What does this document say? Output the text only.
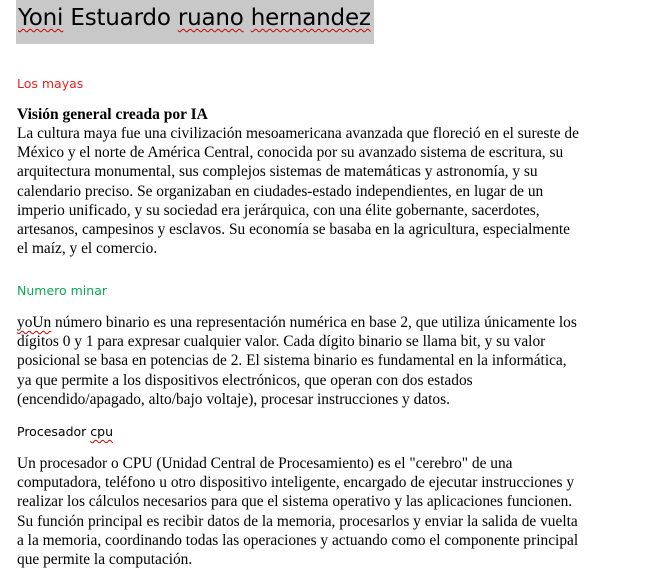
Yoni Estuardo ruano hernandez
Los mayas
Visión general creada por IA
La cultura maya fue una civilización mesoamericana avanzada que floreció en el sureste de
México y el norte de América Central, conocida por su avanzado sistema de escritura, su
arquitectura monumental, sus complejos sistemas de matemáticas y astronomía, y su
calendario preciso. Se organizaban en ciudades-estado independientes, en lugar de un
imperio unificado, y su sociedad era jerárquica, con una élite gobernante, sacerdotes,
artesanos, campesinos y esclavos. Su economía se basaba en la agricultura, especialmente
el maíz, y el comercio.
Numero minar
yoUn número binario es una representación numérica en base 2, que utiliza únicamente los
dígitos 0 y 1 para expresar cualquier valor. Cada dígito binario se llama bit, y su valor
posicional se basa en potencias de 2. El sistema binario es fundamental en la informática,
ya que permite a los dispositivos electrónicos, que operan con dos estados
(encendido/apagado, alto/bajo voltaje), procesar instrucciones y datos.
Procesador cpu
Un procesador o CPU (Unidad Central de Procesamiento) es el "cerebro" de una
computadora, teléfono u otro dispositivo inteligente, encargado de ejecutar instrucciones y
realizar los cálculos necesarios para que el sistema operativo y las aplicaciones funcionen.
Su función principal es recibir datos de la memoria, procesarlos y enviar la salida de vuelta
a la memoria, coordinando todas las operaciones y actuando como el componente principal
que permite la computación.
